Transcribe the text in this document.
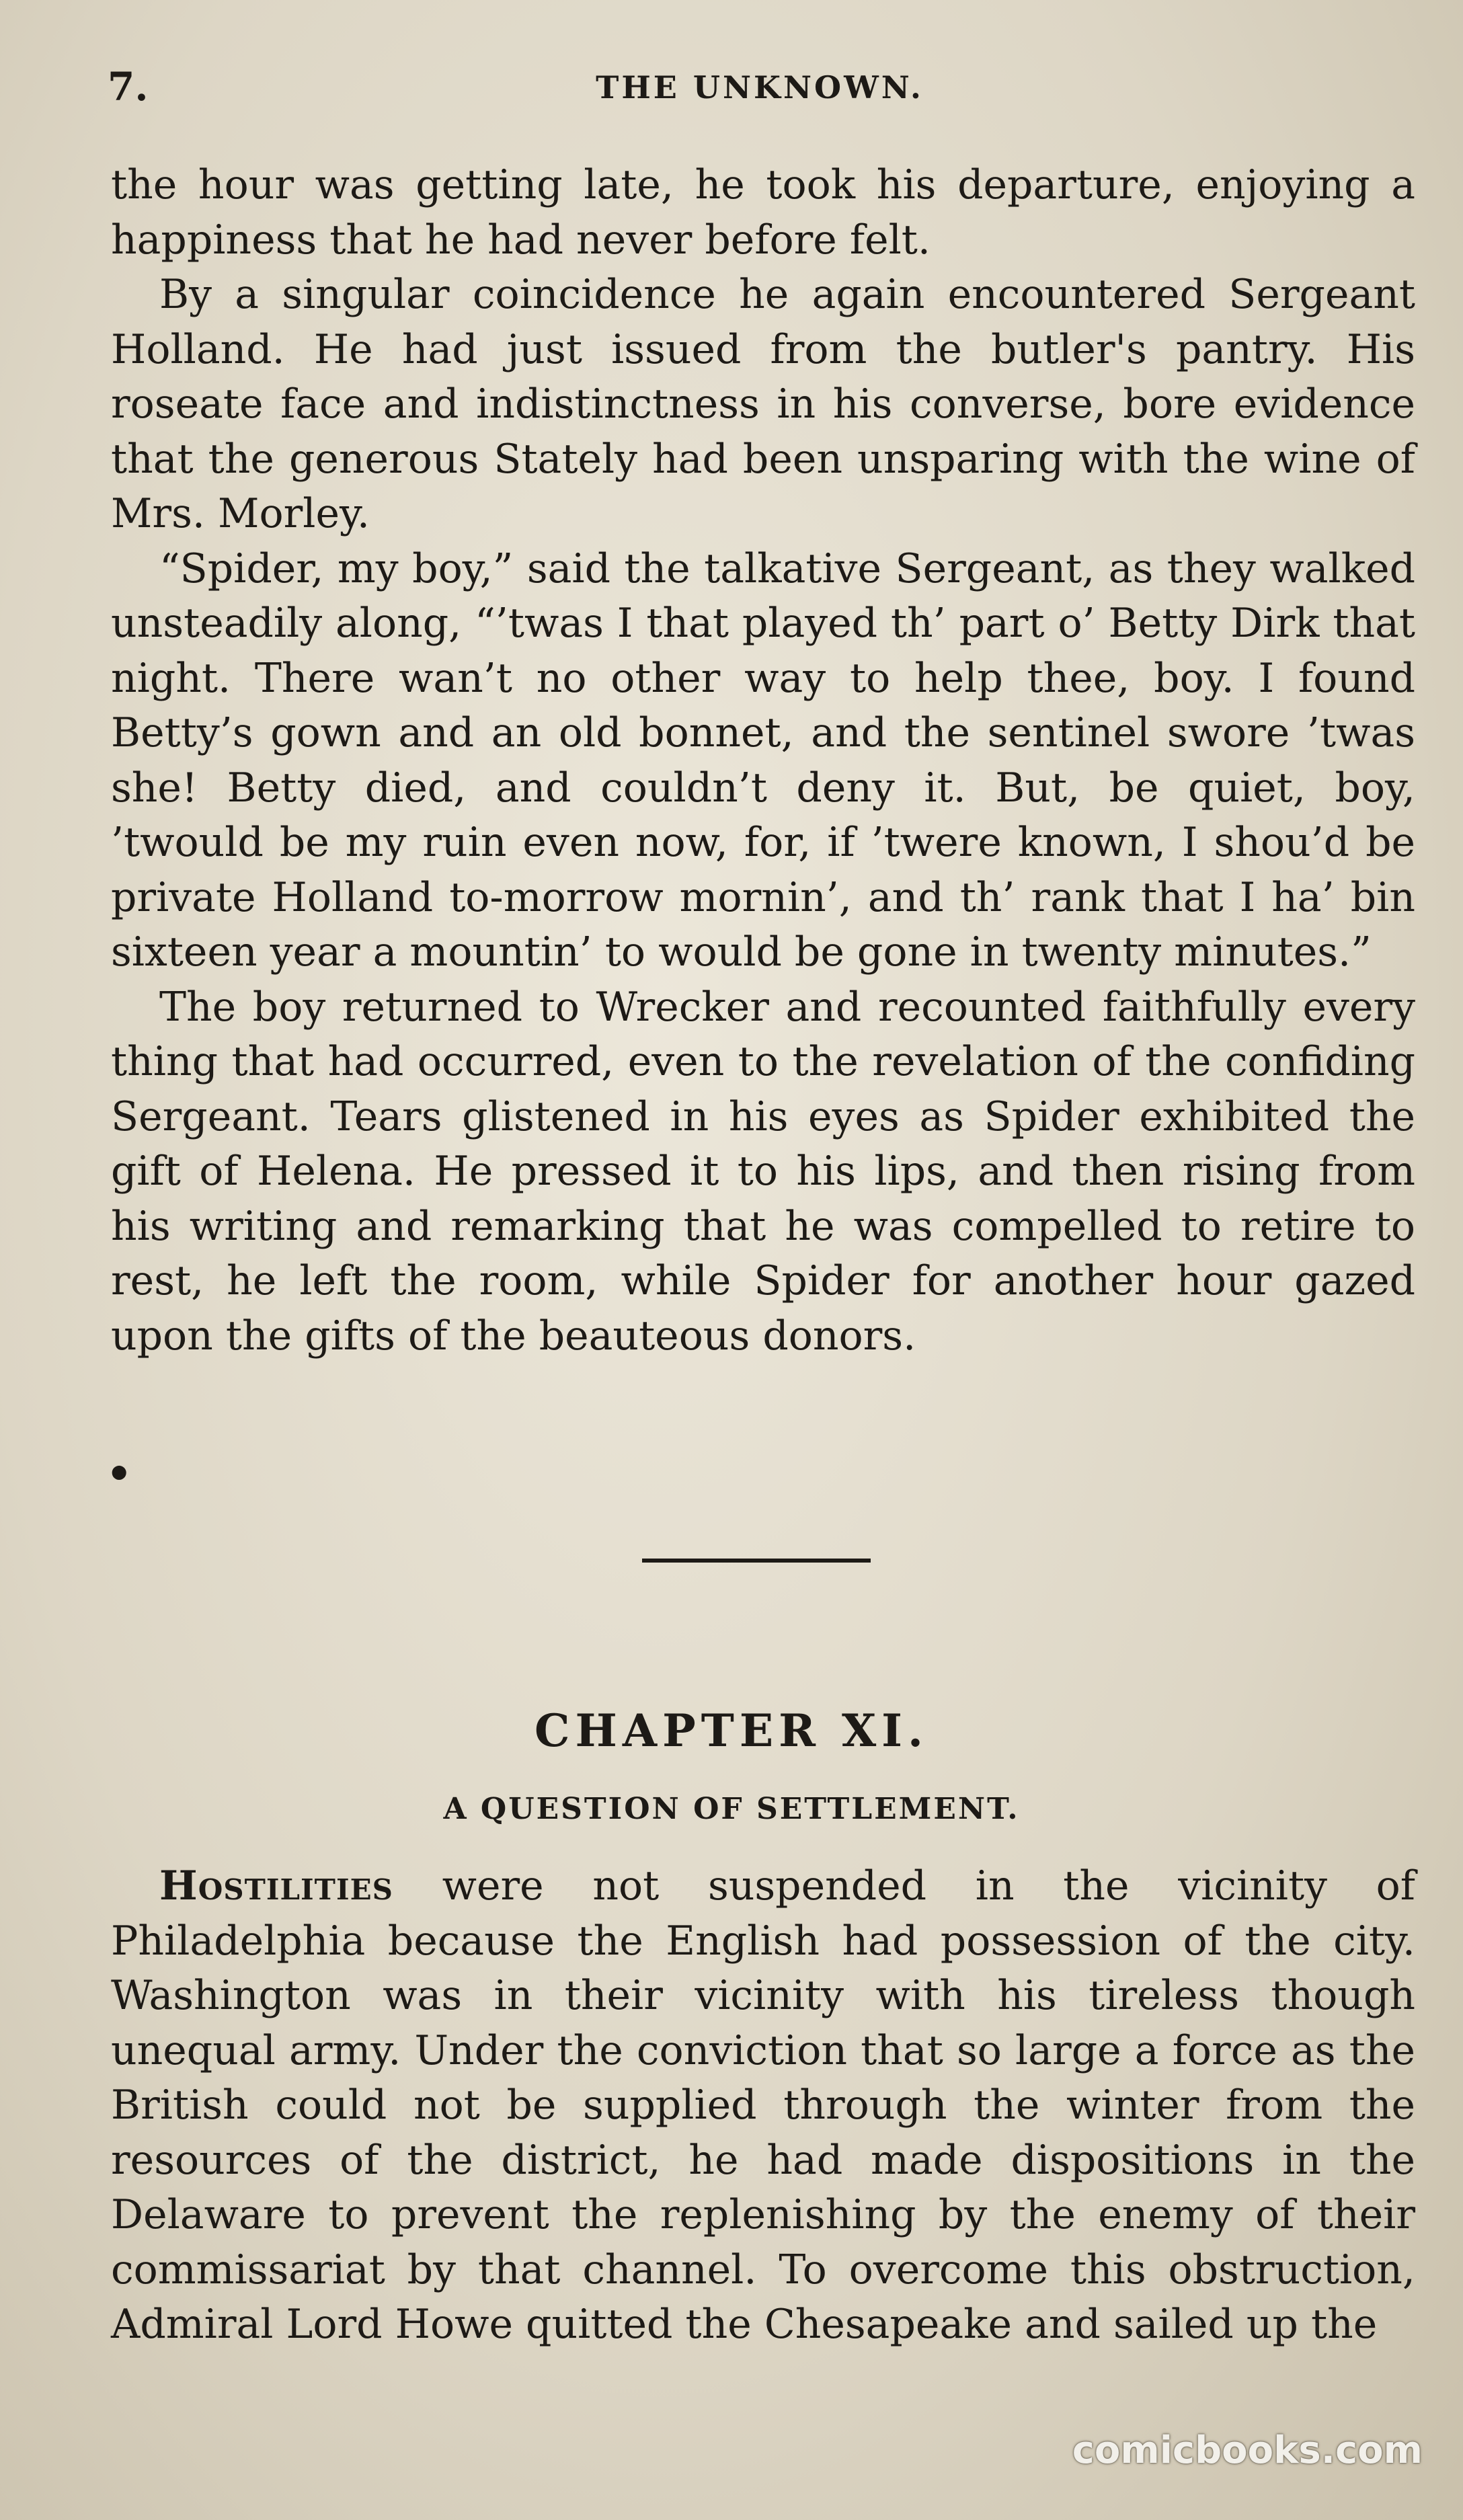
7.	THE UNKNOWN.

the hour was getting late, he took his departure, enjoying a happiness that he had never before felt.

By a singular coincidence he again encountered Sergeant Holland. He had just issued from the butler's pantry. His roseate face and indistinctness in his converse, bore evidence that the generous Stately had been unsparing with the wine of Mrs. Morley.

“Spider, my boy,” said the talkative Sergeant, as they walked unsteadily along, “’twas I that played th’ part o’ Betty Dirk that night. There wan’t no other way to help thee, boy. I found Betty’s gown and an old bonnet, and the sentinel swore ’twas she! Betty died, and couldn’t deny it. But, be quiet, boy, ’twould be my ruin even now, for, if ’twere known, I shou’d be private Holland to-morrow mornin’, and th’ rank that I ha’ bin sixteen year a mountin’ to would be gone in twenty minutes.”

The boy returned to Wrecker and recounted faithfully every thing that had occurred, even to the revelation of the confiding Sergeant. Tears glistened in his eyes as Spider exhibited the gift of Helena. He pressed it to his lips, and then rising from his writing and remarking that he was compelled to retire to rest, he left the room, while Spider for another hour gazed upon the gifts of the beauteous donors.

•
CHAPTER XI.
A QUESTION OF SETTLEMENT.

Hostilities were not suspended in the vicinity of Philadelphia because the English had possession of the city. Washington was in their vicinity with his tireless though unequal army. Under the conviction that so large a force as the British could not be supplied through the winter from the resources of the district, he had made dispositions in the Delaware to prevent the replenishing by the enemy of their commissariat by that channel. To overcome this obstruction, Admiral Lord Howe quitted the Chesapeake and sailed up the

comicbooks.com
